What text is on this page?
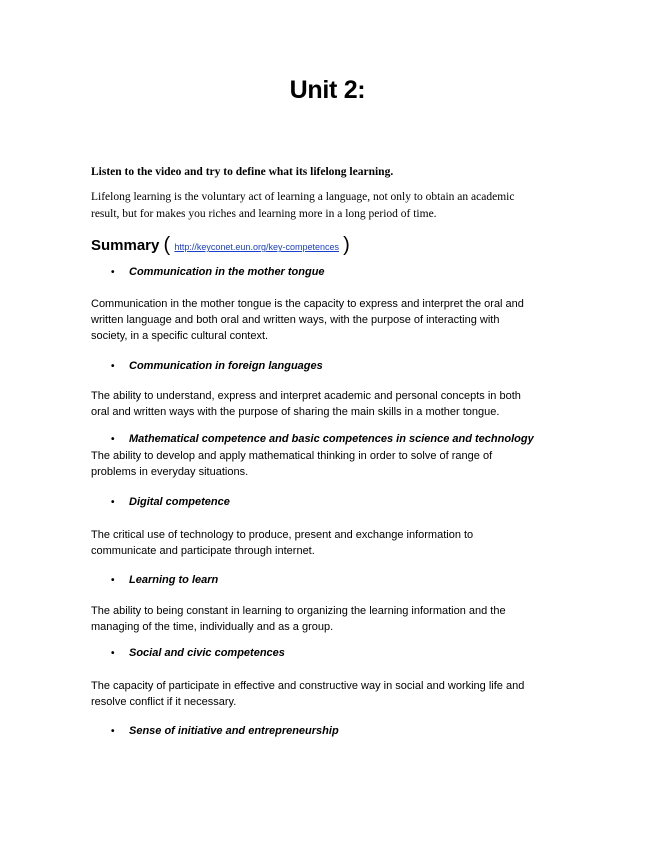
Unit 2:
Listen to the video and try to define what its lifelong learning.
Lifelong learning is the voluntary act of learning a language, not only to obtain an academic
result, but for makes you riches and learning more in a long period of time.
Summary ( http://keyconet.eun.org/key-competences )
• Communication in the mother tongue
Communication in the mother tongue is the capacity to express and interpret the oral and
written language and both oral and written ways, with the purpose of interacting with
society, in a specific cultural context.
• Communication in foreign languages
The ability to understand, express and interpret academic and personal concepts in both
oral and written ways with the purpose of sharing the main skills in a mother tongue.
• Mathematical competence and basic competences in science and technology
The ability to develop and apply mathematical thinking in order to solve of range of
problems in everyday situations.
• Digital competence
The critical use of technology to produce, present and exchange information to
communicate and participate through internet.
• Learning to learn
The ability to being constant in learning to organizing the learning information and the
managing of the time, individually and as a group.
• Social and civic competences
The capacity of participate in effective and constructive way in social and working life and
resolve conflict if it necessary.
• Sense of initiative and entrepreneurship
